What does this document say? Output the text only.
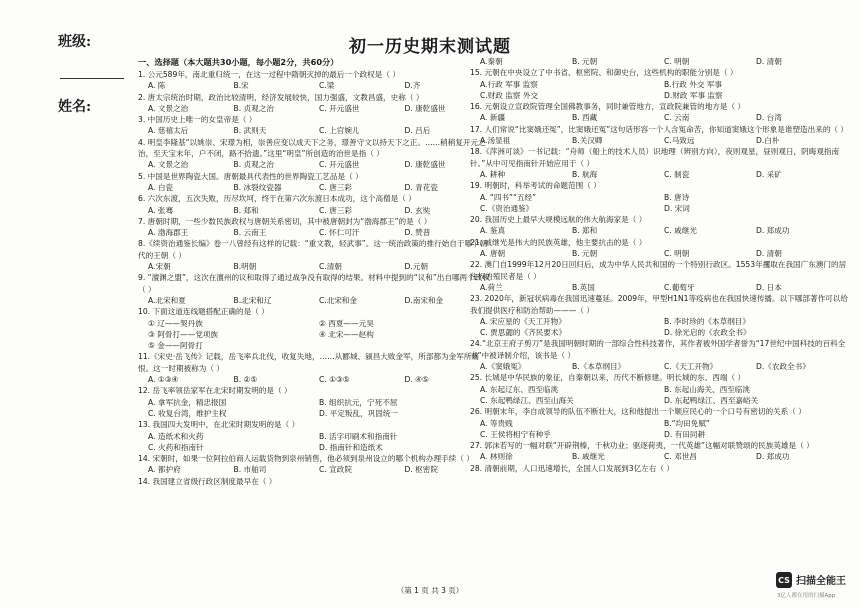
班级:
姓名:
初一历史期末测试题
一、选择题（本大题共30小题，每小题2分，共60分）
1. 公元589年，南北重归统一，在这一过程中隋朝灭掉的最后一个政权是（ ）
A. 陈	B.宋	C.梁	D.齐
2. 唐太宗统治时期，政治比较清明，经济发展较快，国力强盛，文教昌盛，史称（ ）
A. 文景之治	B. 贞观之治	C. 开元盛世	D. 康乾盛世
3. 中国历史上唯一的女皇帝是（ ）
A. 慈禧太后	B. 武则天	C. 上官婉儿	D. 吕后
4. 明皇李隆基“以姚崇、宋璟为相，崇善应变以成天下之务，璟善守文以持天下之正。……稍稍复开元之治，至天宝末年，户不闭，路不拾遗。”这里“明皇”所创造的治世是指（ ）
A. 文景之治	B. 贞观之治	C. 开元盛世	D. 康乾盛世
5. 中国是世界陶瓷大国。唐朝最具代表性的世界陶瓷工艺品是（ ）
A. 白瓷	B. 冰裂纹瓷器	C. 唐三彩	D. 青花瓷
6. 六次东渡，五次失败，历尽坎坷，终于在第六次东渡日本成功，这个高僧是（ ）
A. 张骞	B. 郑和	C. 唐三彩	D. 玄奘
7. 唐朝时期，一些少数民族政权与唐朝关系密切，其中被唐朝封为“渤海郡王”的是（ ）
A. 渤海郡王	B. 云南王	C. 怀仁可汗	D. 赞普
8.《续资治通鉴长编》卷一八曾经有这样的记载：“重文教，轻武事”。这一统治政策的推行始自于哪个朝代的王朝（ ）
A.宋朝	B.明朝	C.清朝	D.元朝
9. “澶渊之盟”，这次在澶州的议和取得了通过战争没有取得的结果。材料中提到的“议和”出自哪两个政权（ ）
A.北宋和夏	B.北宋和辽	C.北宋和金	D.南宋和金
10. 下面这道连线题搭配正确的是（ ）
① 辽——契丹族	② 西夏——元昊
③ 阿骨打——党项族	④ 北宋——赵构
⑤ 金——阿骨打
11.《宋史·岳飞传》记载，岳飞率兵北伐，收复失地，……从郾城、颍昌大败金军，所部都为金军所痛恨。这一时期被称为（ ）
A. ①③④	B. ②⑤	C. ①③⑤	D. ④⑤
12. 岳飞率领岳家军在北宋时期发明的是（ ）
A. 拿军抗金，精忠报国	B. 组织抗元，宁死不屈
C. 收复台湾，维护主权	D. 平定叛乱，巩固统一
13. 我国四大发明中，在北宋时期发明的是（ ）
A. 造纸术和火药	B. 活字印刷术和指南针
C. 火药和指南针	D. 指南针和造纸术
14. 宋朝时，如果一位阿拉伯商人运载货物到泉州销售，他必须到泉州设立的哪个机构办理手续（ ）
A. 都护府	B. 市舶司	C. 宣政院	D. 枢密院
14. 我国建立省级行政区制度最早在（ ）
A.秦朝	B. 元朝	C. 明朝	D. 清朝
15. 元朝在中央设立了中书省、枢密院、和御史台，这些机构的职能分别是（ ）
A.行政 军事 监察	B.行政 外交 军事
C.财政 监察 外交	D.财政 军事 监察
16. 元朝设立宣政院管理全国佛教事务，同时兼管地方，宣政院兼管的地方是（ ）
A. 新疆	B. 西藏	C. 云南	D. 台湾
17. 人们常说“比窦娥还冤”，比窦娥还冤”这句话形容一个人含冤命苦，你知道窦娥这个形象是谁塑造出来的（ ）
A.汤显祖	B.关汉卿	C.马致远	D.白朴
18.《萍洲可谈》一书记载：“舟师（船上的技术人员）识地理（辨别方向），夜则观星，昼则观日，阴晦观指南针。”从中可见指南针开始应用于（ ）
A. 耕种	B. 航海	C. 制瓷	D. 采矿
19. 明朝时，科举考试的命题范围（ ）
A. “四书”“五经”	B. 唐诗
C.《资治通鉴》	D. 宋词
20. 我国历史上最早大规模远航的伟大航海家是（ ）
A. 鉴真	B. 郑和	C. 戚继光	D. 郑成功
21. 戚继光是伟大的民族英雄，他主要抗击的是（ ）
A. 唐朝	B. 元朝	C. 明朝	D. 清朝
22. 澳门自1999年12月20日回归后，成为中华人民共和国的一个特别行政区。1553年攫取在我国广东澳门的居住权的殖民者是（ ）
A.荷兰	B.英国	C.葡萄牙	D. 日本
23. 2020年，新冠状病毒在我国迅速蔓延。2009年，甲型H1N1等疫病也在我国快速传播。以下哪部著作可以给我们提供医疗和防治帮助———（ ）
A. 宋应星的《天工开物》	B. 李时珍的《本草纲目》
C. 贾思勰的《齐民要术》	D. 徐光启的《农政全书》
24.“北京王府子剪刀”是我国明朝时期的一部综合性科技著作，其作者被外国学者誉为“17世纪中国科技的百科全书”中被译制介绍，该书是（ ）
A.《窦娥冤》	B.《本草纲目》	C.《天工开物》	D.《农政全书》
25. 长城是中华民族的象征，自秦朝以来，历代不断修建。明长城的东、西端（ ）
A. 东起辽东、西至临洮	B. 东起山海关、西至临洮
C. 东起鸭绿江、西至山海关	D. 东起鸭绿江、西至嘉峪关
26. 明朝末年，李自成领导的队伍不断壮大，这和他提出一个顺应民心的一个口号有密切的关系（ ）
A. 等贵贱	B.“均田免赋”
C. 王侯将相宁有种乎	D. 有田同耕
27. 郭沫若写的一幅对联“开辟荆榛，千秋功业；驱逐荷夷，一代英雄”这幅对联赞颂的民族英雄是（ ）
A. 林则徐	B. 戚继光	C. 邓世昌	D. 郑成功
28. 清朝前期，人口迅速增长，全国人口发展到3亿左右（ ）
（第 1 页 共 3 页）
CS 扫描全能王
3亿人都在用的扫描App
